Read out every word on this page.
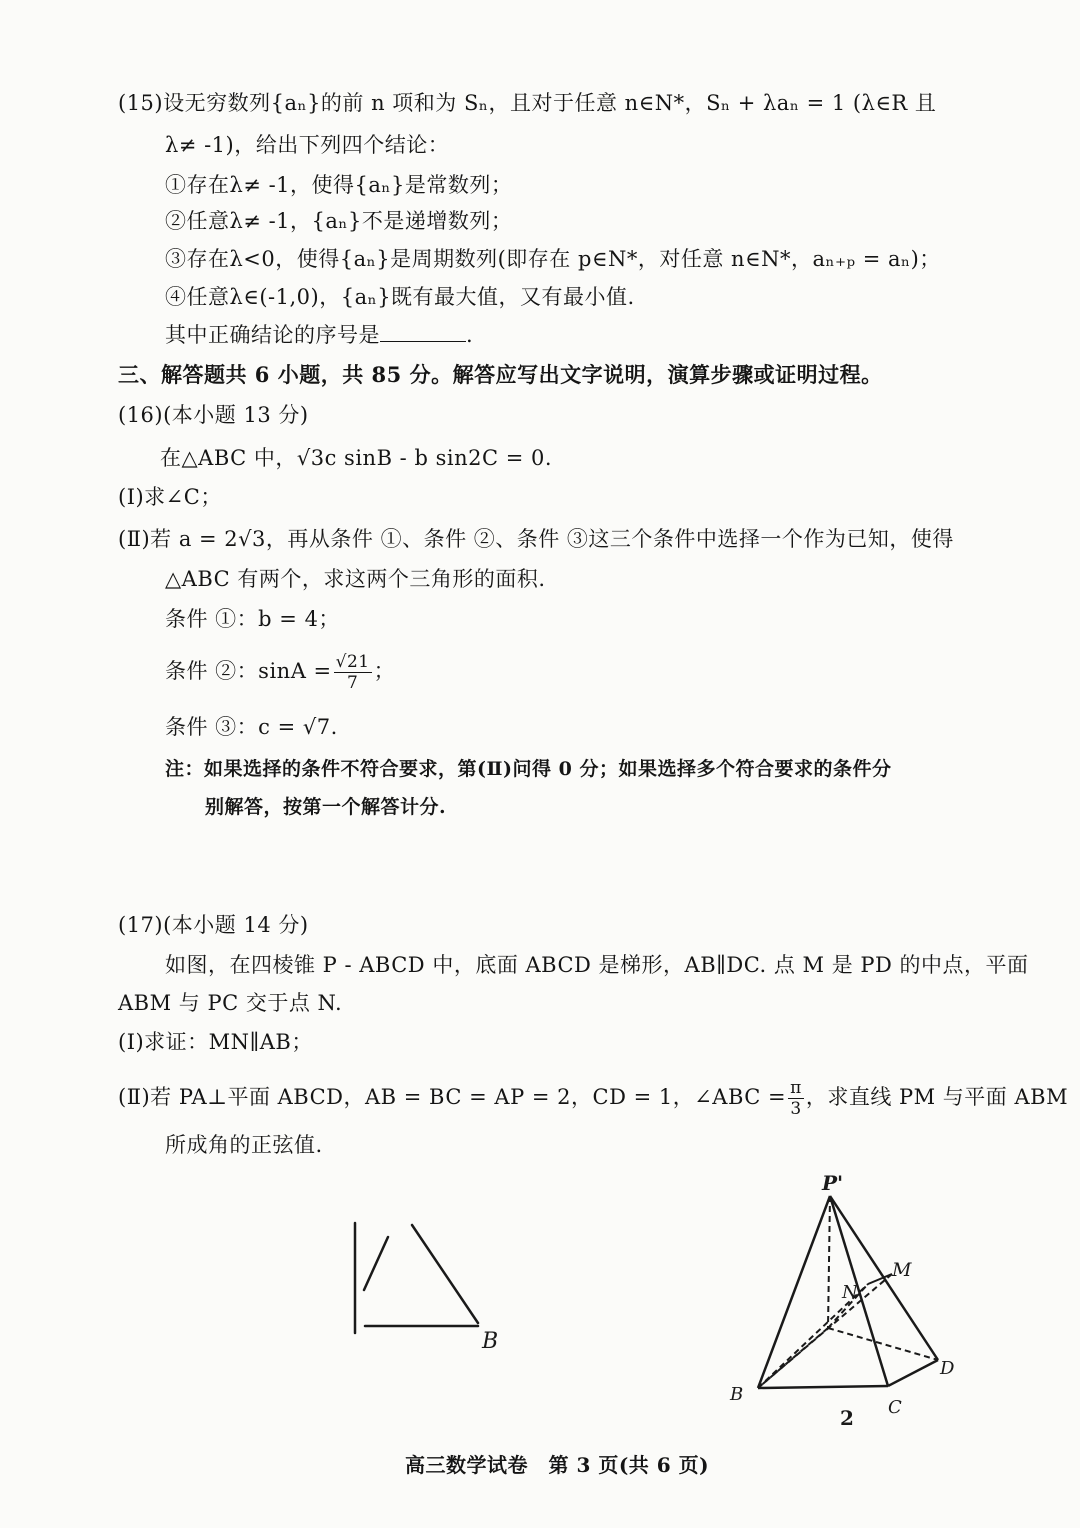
(15)设无穷数列{aₙ}的前 n 项和为 Sₙ，且对于任意 n∈N*，Sₙ + λaₙ = 1 (λ∈R 且
λ≠ -1)，给出下列四个结论：
①存在λ≠ -1，使得{aₙ}是常数列；
②任意λ≠ -1，{aₙ}不是递增数列；
③存在λ<0，使得{aₙ}是周期数列(即存在 p∈N*，对任意 n∈N*，aₙ₊ₚ = aₙ)；
④任意λ∈(-1,0)，{aₙ}既有最大值，又有最小值.
其中正确结论的序号是	.
三、解答题共 6 小题，共 85 分。解答应写出文字说明，演算步骤或证明过程。
(16)(本小题 13 分)
在△ABC 中，√3c sinB - b sin2C = 0.
(Ⅰ)求∠C；
(Ⅱ)若 a = 2√3，再从条件 ①、条件 ②、条件 ③这三个条件中选择一个作为已知，使得
△ABC 有两个，求这两个三角形的面积.
条件 ①：b = 4；
条件 ②：$\sin A = \frac{√21}{7}$ ；
条件 ③：c = √7.
注：如果选择的条件不符合要求，第(Ⅱ)问得 0 分；如果选择多个符合要求的条件分
别解答，按第一个解答计分.
(17)(本小题 14 分)
如图，在四棱锥 P - ABCD 中，底面 ABCD 是梯形，AB∥DC. 点 M 是 PD 的中点，平面
ABM 与 PC 交于点 N.
(Ⅰ)求证：MN∥AB；
(Ⅱ)若 PA⊥平面 ABCD，AB = BC = AP = 2，CD = 1，∠ABC = $\frac{\pi}{3}$ ，求直线 PM 与平面 ABM
所成角的正弦值.
B
P'
M
N
B
C
D
2
高三数学试卷　第 3 页(共 6 页)
